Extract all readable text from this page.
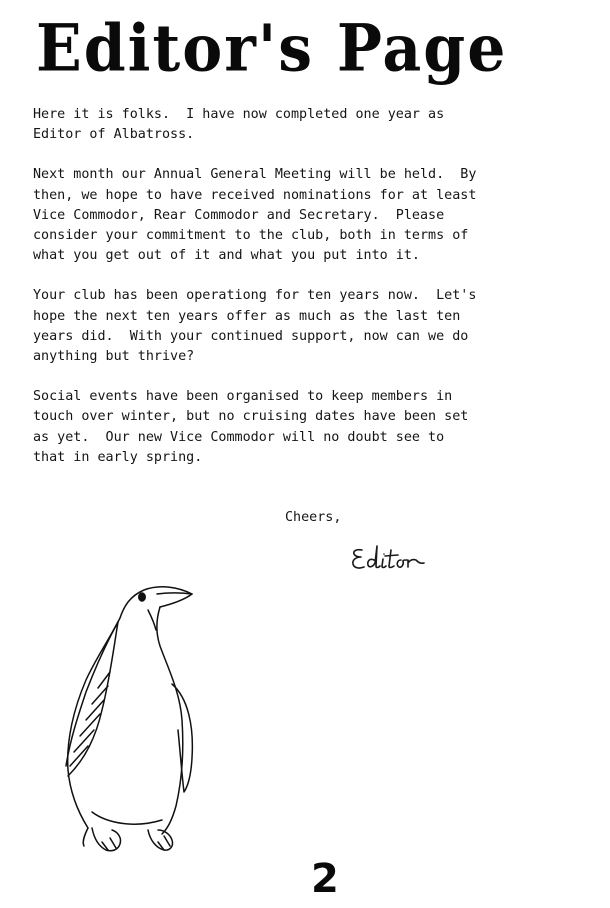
Editor's Page

Here it is folks.  I have now completed one year as
Editor of Albatross.

Next month our Annual General Meeting will be held.  By
then, we hope to have received nominations for at least
Vice Commodor, Rear Commodor and Secretary.  Please
consider your commitment to the club, both in terms of
what you get out of it and what you put into it.

Your club has been operationg for ten years now.  Let's
hope the next ten years offer as much as the last ten
years did.  With your continued support, now can we do
anything but thrive?

Social events have been organised to keep members in
touch over winter, but no cruising dates have been set
as yet.  Our new Vice Commodor will no doubt see to
that in early spring.

Cheers,
2
